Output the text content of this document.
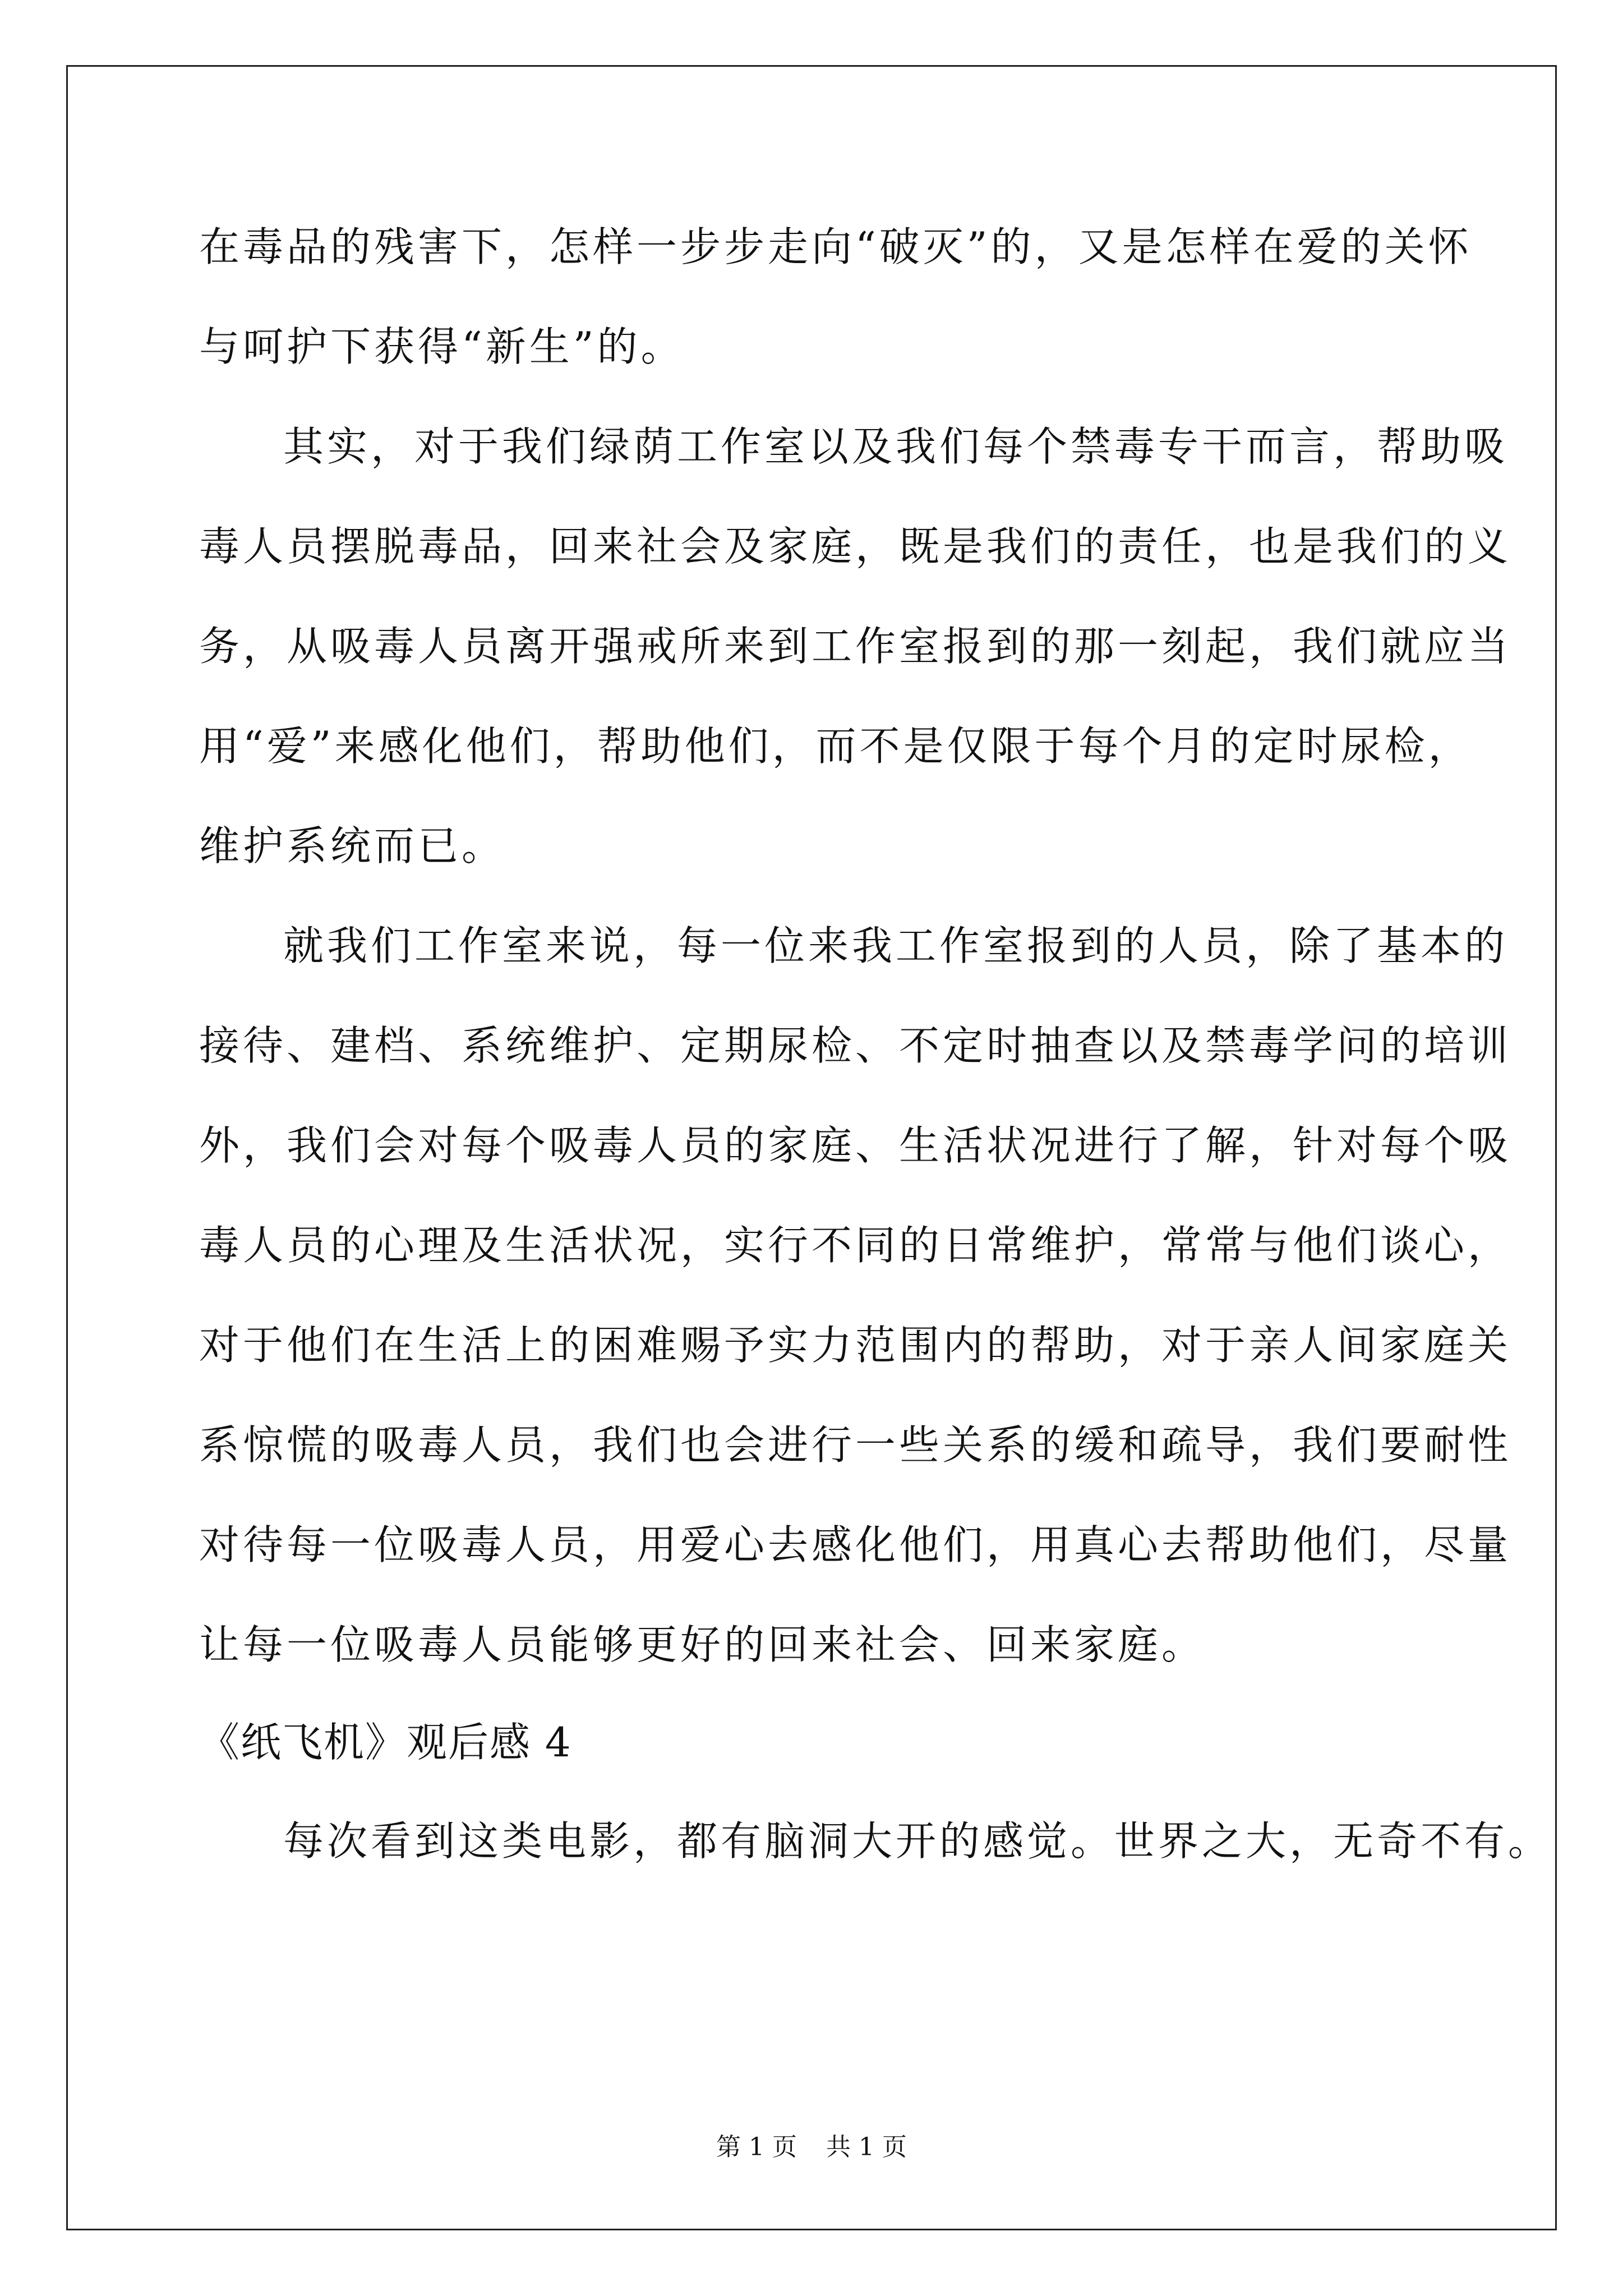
在毒品的残害下，怎样一步步走向“破灭”的，又是怎样在爱的关怀
与呵护下获得“新生”的。
其实，对于我们绿荫工作室以及我们每个禁毒专干而言，帮助吸
毒人员摆脱毒品，回来社会及家庭，既是我们的责任，也是我们的义
务，从吸毒人员离开强戒所来到工作室报到的那一刻起，我们就应当
用“爱”来感化他们，帮助他们，而不是仅限于每个月的定时尿检，
维护系统而已。
就我们工作室来说，每一位来我工作室报到的人员，除了基本的
接待、建档、系统维护、定期尿检、不定时抽查以及禁毒学问的培训
外，我们会对每个吸毒人员的家庭、生活状况进行了解，针对每个吸
毒人员的心理及生活状况，实行不同的日常维护，常常与他们谈心，
对于他们在生活上的困难赐予实力范围内的帮助，对于亲人间家庭关
系惊慌的吸毒人员，我们也会进行一些关系的缓和疏导，我们要耐性
对待每一位吸毒人员，用爱心去感化他们，用真心去帮助他们，尽量
让每一位吸毒人员能够更好的回来社会、回来家庭。
《纸飞机》观后感 4
每次看到这类电影，都有脑洞大开的感觉。世界之大，无奇不有。
第 1 页 共 1 页
